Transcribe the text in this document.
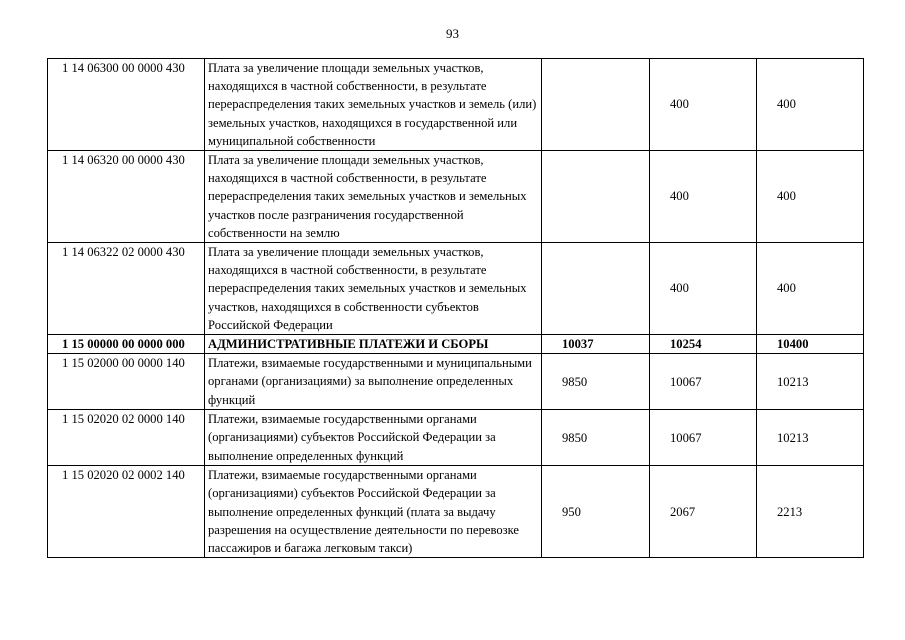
93
1 14 06300 00 0000 430	Плата за увеличение площади земельных участков, находящихся в частной собственности, в результате перераспределения таких земельных участков и земель (или) земельных участков, находящихся в государственной или муниципальной собственности		400	400
1 14 06320 00 0000 430	Плата за увеличение площади земельных участков, находящихся в частной собственности, в результате перераспределения таких земельных участков и земельных участков после разграничения государственной собственности на землю		400	400
1 14 06322 02 0000 430	Плата за увеличение площади земельных участков, находящихся в частной собственности, в результате перераспределения таких земельных участков и земельных участков, находящихся в собственности субъектов Российской Федерации		400	400
1 15 00000 00 0000 000	АДМИНИСТРАТИВНЫЕ ПЛАТЕЖИ И СБОРЫ	10037	10254	10400
1 15 02000 00 0000 140	Платежи, взимаемые государственными и муниципальными органами (организациями) за выполнение определенных функций	9850	10067	10213
1 15 02020 02 0000 140	Платежи, взимаемые государственными органами (организациями) субъектов Российской Федерации за выполнение определенных функций	9850	10067	10213
1 15 02020 02 0002 140	Платежи, взимаемые государственными органами (организациями) субъектов Российской Федерации за выполнение определенных функций (плата за выдачу разрешения на осуществление деятельности по перевозке пассажиров и багажа легковым такси)	950	2067	2213
